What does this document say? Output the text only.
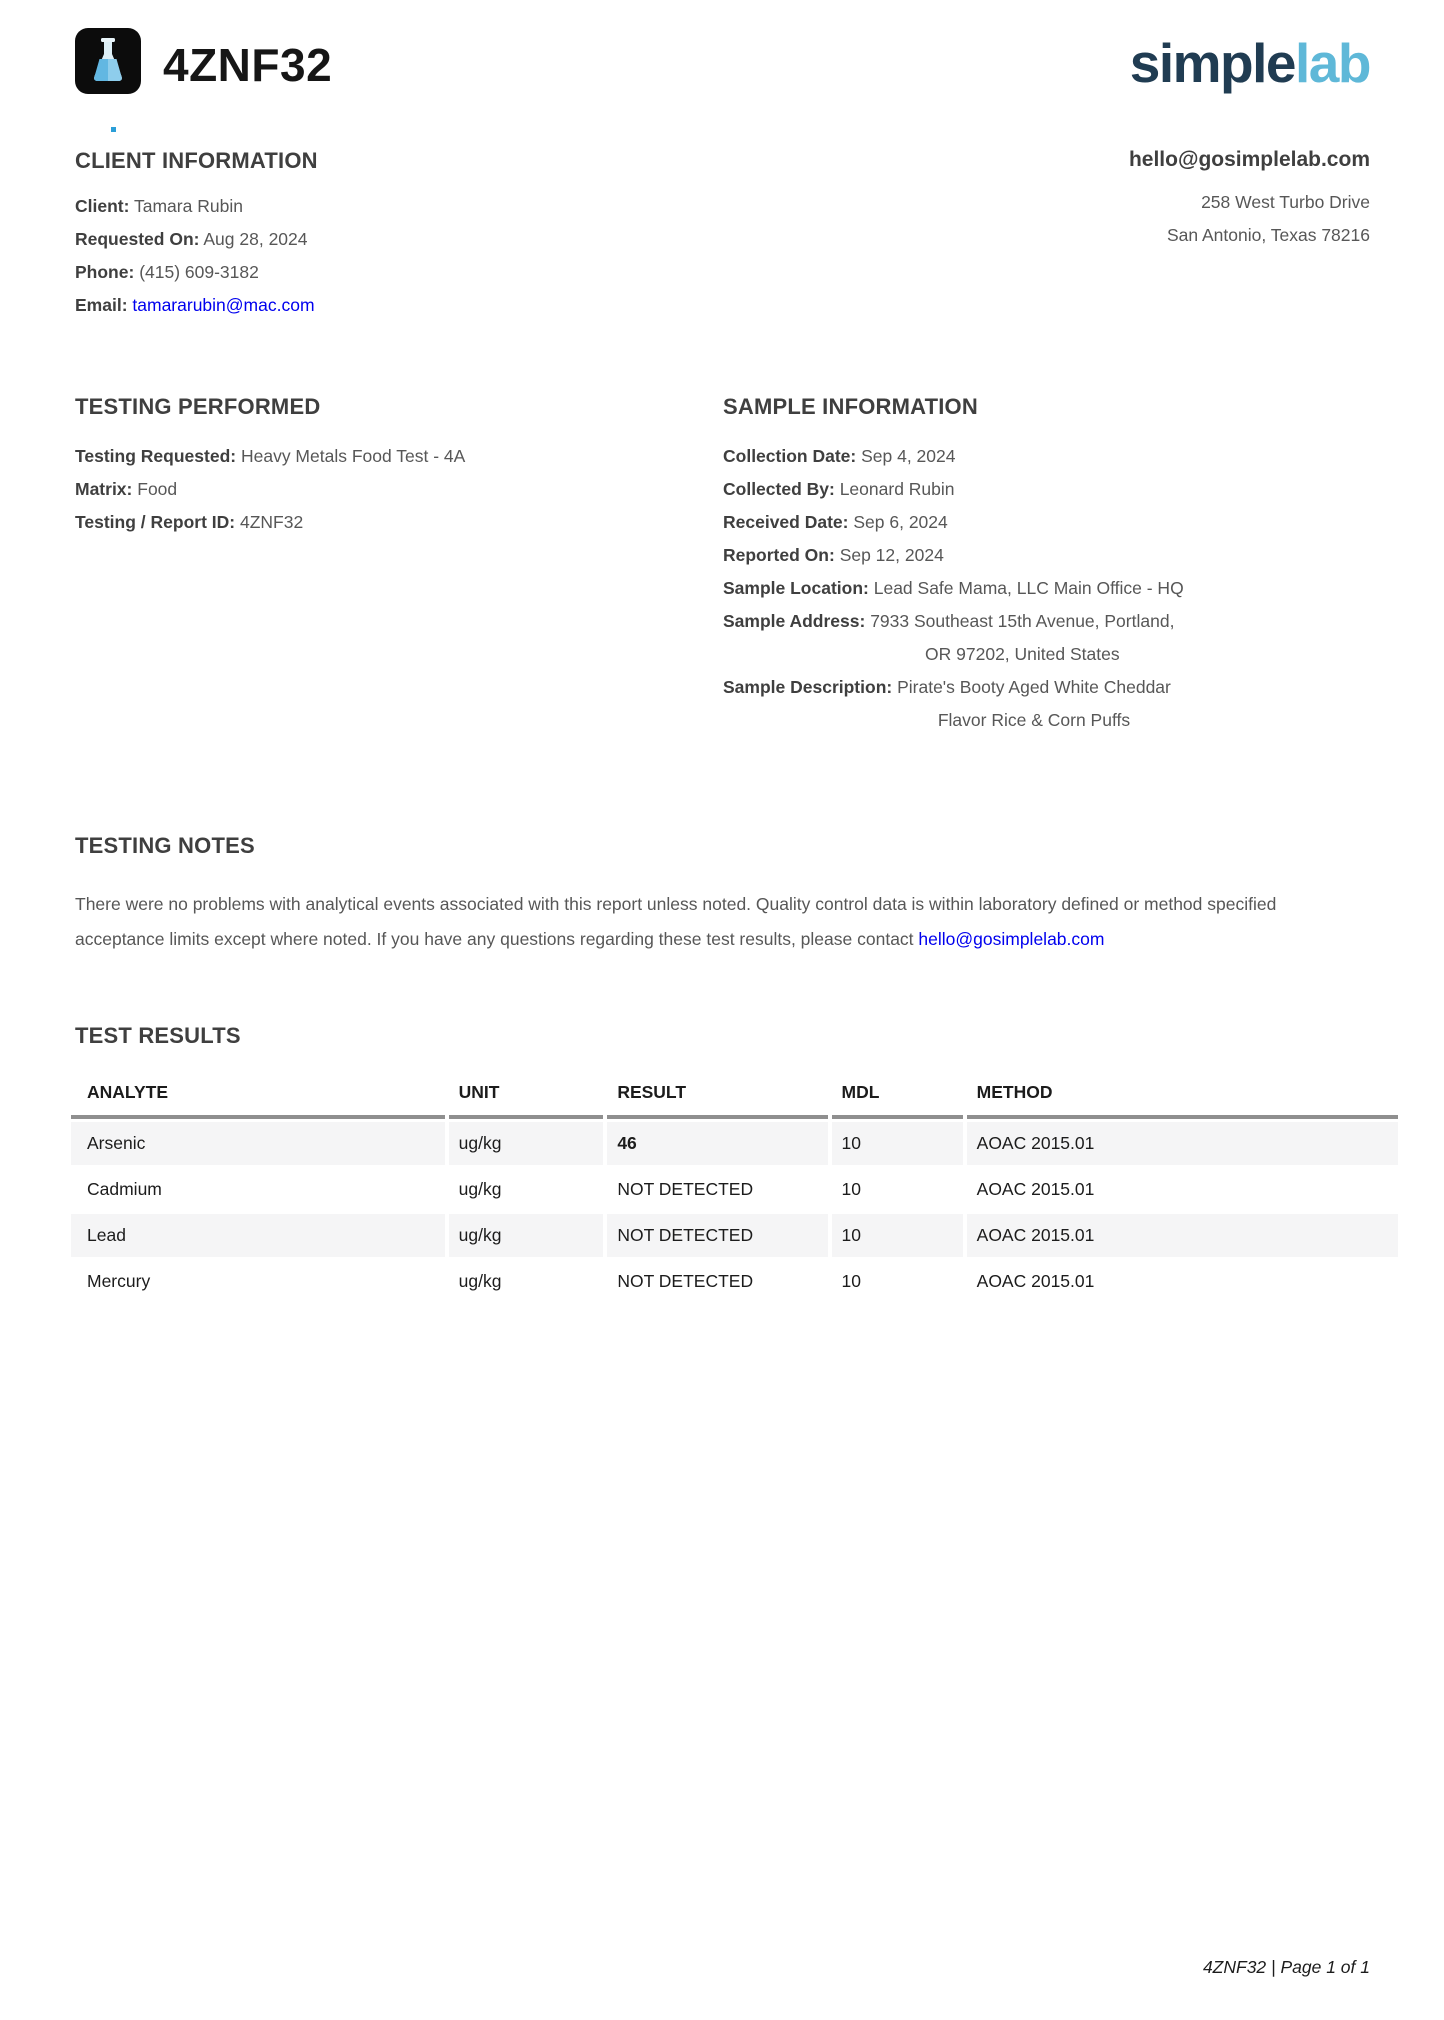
4ZNF32	simplelab
CLIENT INFORMATION
Client: Tamara Rubin
Requested On: Aug 28, 2024
Phone: (415) 609-3182
Email: tamararubin@mac.com
hello@gosimplelab.com
258 West Turbo Drive
San Antonio, Texas 78216
TESTING PERFORMED
Testing Requested: Heavy Metals Food Test - 4A
Matrix: Food
Testing / Report ID: 4ZNF32
SAMPLE INFORMATION
Collection Date: Sep 4, 2024
Collected By: Leonard Rubin
Received Date: Sep 6, 2024
Reported On: Sep 12, 2024
Sample Location: Lead Safe Mama, LLC Main Office - HQ
Sample Address: 7933 Southeast 15th Avenue, Portland,
OR 97202, United States
Sample Description: Pirate's Booty Aged White Cheddar
Flavor Rice & Corn Puffs
TESTING NOTES
There were no problems with analytical events associated with this report unless noted. Quality control data is within laboratory defined or method specified acceptance limits except where noted. If you have any questions regarding these test results, please contact hello@gosimplelab.com
TEST RESULTS
ANALYTE	UNIT	RESULT	MDL	METHOD
Arsenic	ug/kg	46	10	AOAC 2015.01
Cadmium	ug/kg	NOT DETECTED	10	AOAC 2015.01
Lead	ug/kg	NOT DETECTED	10	AOAC 2015.01
Mercury	ug/kg	NOT DETECTED	10	AOAC 2015.01
4ZNF32 | Page 1 of 1
